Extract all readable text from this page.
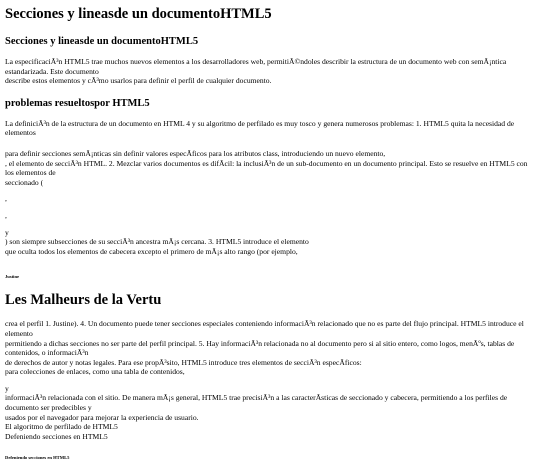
Secciones y lineasde un documentoHTML5
Secciones y lineasde un documentoHTML5

La especificaciÃ³n HTML5 trae muchos nuevos elementos a los desarrolladores web, permitiÃ©ndoles describir la estructura de un documento web con semÃ¡ntica estandarizada. Este documento

describe estos elementos y cÃ³mo usarlos para definir el perfil de cualquier documento.

problemas resueltospor HTML5

La definiciÃ³n de la estructura de un documento en HTML 4 y su algoritmo de perfilado es muy tosco y genera numerosos problemas: 1. HTML5 quita la necesidad de elementos

para definir secciones semÃ¡nticas sin definir valores especÃficos para los atributos class, introduciendo un nuevo elemento,

, el elemento de secciÃ³n HTML. 2. Mezclar varios documentos es difÃcil: la inclusiÃ³n de un sub-documento en un documento principal. Esto se resuelve en HTML5 con los elementos de

seccionado (

,

,

y

) son siempre subsecciones de su secciÃ³n ancestra mÃ¡s cercana. 3. HTML5 introduce el elemento

que oculta todos los elementos de cabecera excepto el primero de mÃ¡s alto rango (por ejemplo,

Justine

Les Malheurs de la Vertu

crea el perfil 1. Justine). 4. Un documento puede tener secciones especiales conteniendo informaciÃ³n relacionado que no es parte del flujo principal. HTML5 introduce el elemento

permitiendo a dichas secciones no ser parte del perfil principal. 5. Hay informaciÃ³n relacionada no al documento pero si al sitio entero, como logos, menÃºs, tablas de contenidos, o informaciÃ³n

de derechos de autor y notas legales. Para ese propÃ³sito, HTML5 introduce tres elementos de secciÃ³n especÃficos:

para colecciones de enlaces, como una tabla de contenidos,

y

informaciÃ³n relacionada con el sitio. De manera mÃ¡s general, HTML5 trae precisiÃ³n a las caracterÃsticas de seccionado y cabecera, permitiendo a los perfiles de documento ser predecibles y

usados por el navegador para mejorar la experiencia de usuario.

El algoritmo de perfilado de HTML5

Defeniendo secciones en HTML5

Defeniendo secciones en HTML5
